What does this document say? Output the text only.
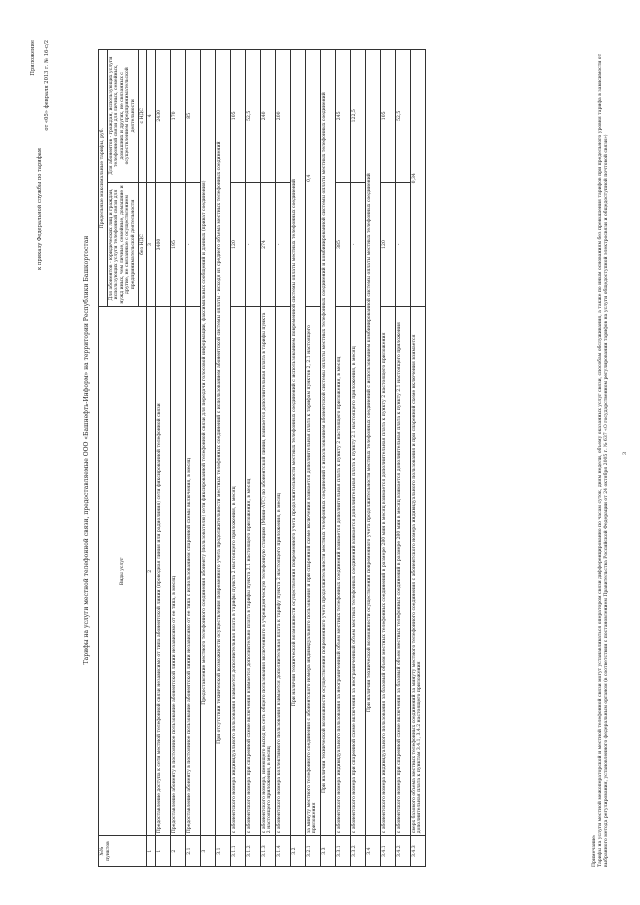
Приложение
к приказу Федеральной службы по тарифам
от «05» февраля 2013 г. № 16-с/2
Тарифы на услуги местной телефонной связи, предоставляемые ООО «Башнефть-Информ» на территории Республики Башкортостан
№№ пунктов	Виды услуг	Предельные максимальные тарифы, руб.	
		Для абонентов - юридических лиц и граждан, использующих услуги телефонной связи для нужд иных, чем личные, семейные, домашние и другие, не связанные с осуществлением предпринимательской деятельности	Для абонентов - граждан, использующих услуги телефонной связи для личных, семейных, домашних и других, не связанных с осуществлением предпринимательской деятельности
		без НДС	с НДС
1	2	3	4
1	Предоставление доступа к сети местной телефонной связи независимо от типа абонентской линии (проводная линия или радиолиния) сети фиксированной телефонной связи	3400	2430
2	Предоставление абоненту в постоянное пользование абонентской линии независимо от ее типа, в месяц	195	170
2.1	Предоставление абоненту в постоянное пользование абонентской линии независимо от ее типа с использованием спаренной схемы включения, в месяц	-	85
3	Предоставление местного телефонного соединения абоненту (пользователю) сети фиксированной телефонной связи для передачи голосовой информации, факсимильных сообщений и данных (приват соединения)		
3.1	При отсутствии технической возможности осуществления повременного учета продолжительности местных телефонных соединений с использованием абонентской системы оплаты - исходя из среднего объема местных телефонных соединений		
3.1.1	с абонентского номера индивидуального пользования взимается дополнительная плата в тарифы пункта 2 настоящего приложения, в месяц	120	105
3.1.2	с абонентского номера при спаренной схеме включения взимается дополнительно плата в тарифы пункта 2.1 настоящего приложения, в месяц	-	52,5
3.1.3	с абонентского номера, имеющего выход на сеть общего пользования включенного в учрежденческую телефонную станцию (Мини-АТС) по абонентской линии, взимается дополнительная плата в тарифы пункта 2 настоящего приложения, в месяц	274	240
3.1.4	с абонентского номера коллективного пользования взимается дополнительная плата к тарифу пункта 2 настоящего приложения, в месяц	-	200
3.2	При наличии технической возможности осуществления повременного учета продолжительности местных телефонных соединений с использованием повременной системы оплаты местных телефонных соединений		
3.2.1	за минуту местного телефонного соединения с абонентского номера индивидуального пользования и при спаренной схеме включения взимается дополнительная плата к тарифам пунктов 2, 2.1 настоящего приложения	0,4	
3.3	При наличии технической возможности осуществления повременного учета продолжительности местных телефонных соединений с использованием абонентской системы оплаты местных телефонных соединений и комбинированной системы оплаты местных телефонных соединений		
3.3.1	с абонентского номера индивидуального пользования за неограниченный объем местных телефонных соединений взимается дополнительная плата к пункту 2 настоящего приложения, в месяц	385	245
3.3.2	с абонентского номера при спаренной схеме включения за неограниченный объем местных телефонных соединений взимается дополнительная плата к пункту 2.1 настоящего приложения, в месяц	-	122,5
3.4	При наличии технической возможности осуществления повременного учета продолжительности местных телефонных соединений с использованием комбинированной системы оплаты местных телефонных соединений		
3.4.1	с абонентского номера индивидуального пользования за базовый объем местных телефонных соединений в размере 280 мин в месяц взимается дополнительная плата к пункту 2 настоящего приложения	120	105
3.4.2	с абонентского номера при спаренной схеме включения за базовый объем местных телефонных соединений в размере 280 мин в месяц взимается дополнительная плата к пункту 2.1 настоящего приложения	-	52,5
3.4.3	сверх базового объема местных телефонных соединений за минуту местного телефонного соединения с абонентского номера индивидуального пользования и при спаренной схеме включения взимается дополнительная плата к пунктам 3.4.1, 3.4.2 настоящего приложения	0,34	
Примечание: Тарифы на услуги местной межоператорской и местной телефонной связи могут устанавливаться оператором связи дифференцированно по часам суток, дням недели, объему оказанных услуг связи, способам обслуживания, а также по иным основаниям без превышения тарифов при предельного уровня тарифа в зависимости от выбранного метода регулирования, установленного федеральным органом (в соответствии с постановлением Правительства Российской Федерации от 24 октября 2005 г. № 637 «О государственном регулировании тарифов на услуги общедоступной электросвязи и общедоступной почтовой связи»)	3
